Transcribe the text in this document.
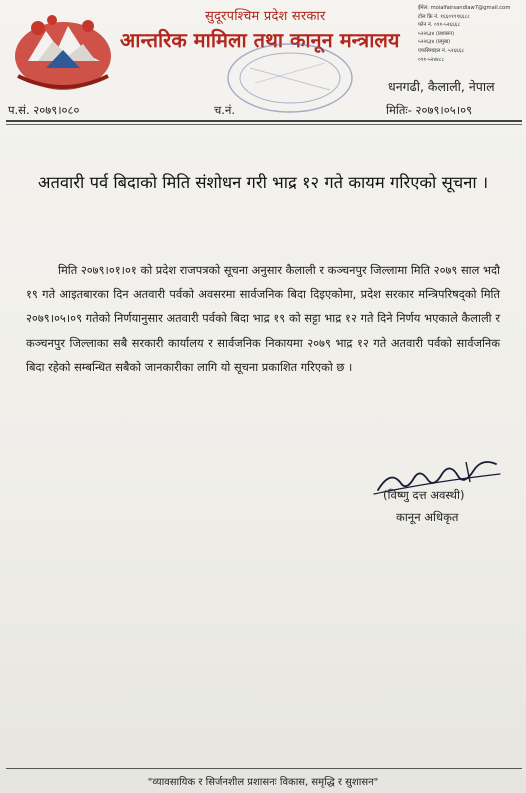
सुदूरपश्चिम प्रदेश सरकार
आन्तरिक मामिला तथा कानून मन्त्रालय
ईमेल: moialfairsandlaw7@gmail.com
टोल फ्रि नं. १६६०११९६६८८
फोन नं. ०९१-५२६६६८
५२२६३४ (प्रशासन)
५२२६३४ (प्रमुख)
एफसिमाइल नं. ५२६६६८
०९१-५२४४८८
धनगढी, कैलाली, नेपाल
प.सं. २०७९।०८०	च.नं.	मितिः- २०७९।०५।०९
अतवारी पर्व बिदाको मिति संशोधन गरी भाद्र १२ गते कायम गरिएको सूचना ।

मिति २०७९।०१।०१ को प्रदेश राजपत्रको सूचना अनुसार कैलाली र कञ्चनपुर जिल्लामा मिति २०७९ साल भदौ १९ गते आइतबारका दिन अतवारी पर्वको अवसरमा सार्वजनिक बिदा दिइएकोमा, प्रदेश सरकार मन्त्रिपरिषद्को मिति २०७९।०५।०९ गतेको निर्णयानुसार अतवारी पर्वको बिदा भाद्र १९ को सट्टा भाद्र १२ गते दिने निर्णय भएकाले कैलाली र कञ्चनपुर जिल्लाका सबै सरकारी कार्यालय र सार्वजनिक निकायमा २०७९ भाद्र १२ गते अतवारी पर्वको सार्वजनिक बिदा रहेको सम्बन्धित सबैको जानकारीका लागि यो सूचना प्रकाशित गरिएको छ ।

(विष्णु दत्त अवस्थी)
कानून अधिकृत
"व्यावसायिक र सिर्जनशील प्रशासनः विकास, समृद्धि र सुशासन"
